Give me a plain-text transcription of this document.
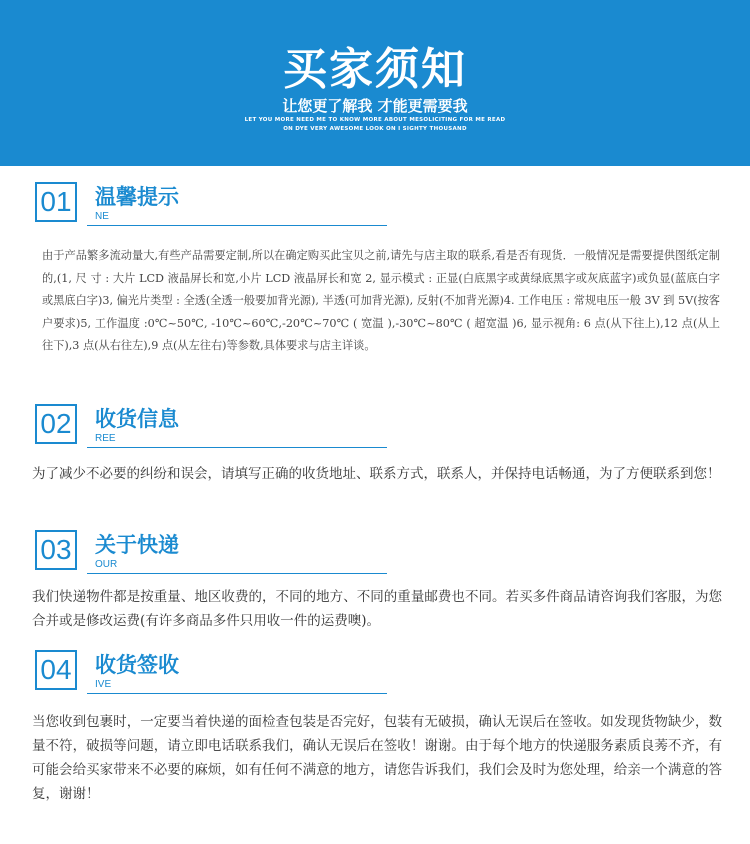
买家须知
让您更了解我 才能更需要我
LET YOU MORE NEED ME TO KNOW MORE ABOUT MESOLICITING FOR ME READ
ON DYE VERY AWESOME LOOK ON I SIGHTY THOUSAND
01 温馨提示
NE

由于产品繁多流动量大,有些产品需要定制,所以在确定购买此宝贝之前,请先与店主取的联系,看是否有现货．一般情况是需要提供图纸定制的,(1, 尺 寸 : 大片 LCD 液晶屏长和宽,小片 LCD 液晶屏长和宽 2, 显示模式 : 正显(白底黑字或黄绿底黑字或灰底蓝字)或负显(蓝底白字或黑底白字)3, 偏光片类型 : 全透(全透一般要加背光源), 半透(可加背光源), 反射(不加背光源)4. 工作电压 : 常规电压一般 3V 到 5V(按客户要求)5, 工作温度 :0℃~50℃, -10℃~60℃,-20℃~70℃ ( 宽温 ),-30℃~80℃ ( 超宽温 )6, 显示视角: 6 点(从下往上),12 点(从上往下),3 点(从右往左),9 点(从左往右)等参数,具体要求与店主详谈。

02 收货信息
REE

为了减少不必要的纠纷和误会，请填写正确的收货地址、联系方式，联系人，并保持电话畅通，为了方便联系到您！

03 关于快递
OUR

我们快递物件都是按重量、地区收费的，不同的地方、不同的重量邮费也不同。若买多件商品请咨询我们客服，为您合并或是修改运费(有许多商品多件只用收一件的运费噢)。

04 收货签收
IVE

当您收到包裹时，一定要当着快递的面检查包装是否完好，包装有无破损，确认无误后在签收。如发现货物缺少，数量不符，破损等问题，请立即电话联系我们，确认无误后在签收！谢谢。由于每个地方的快递服务素质良莠不齐，有可能会给买家带来不必要的麻烦，如有任何不满意的地方，请您告诉我们，我们会及时为您处理，给亲一个满意的答复，谢谢！
